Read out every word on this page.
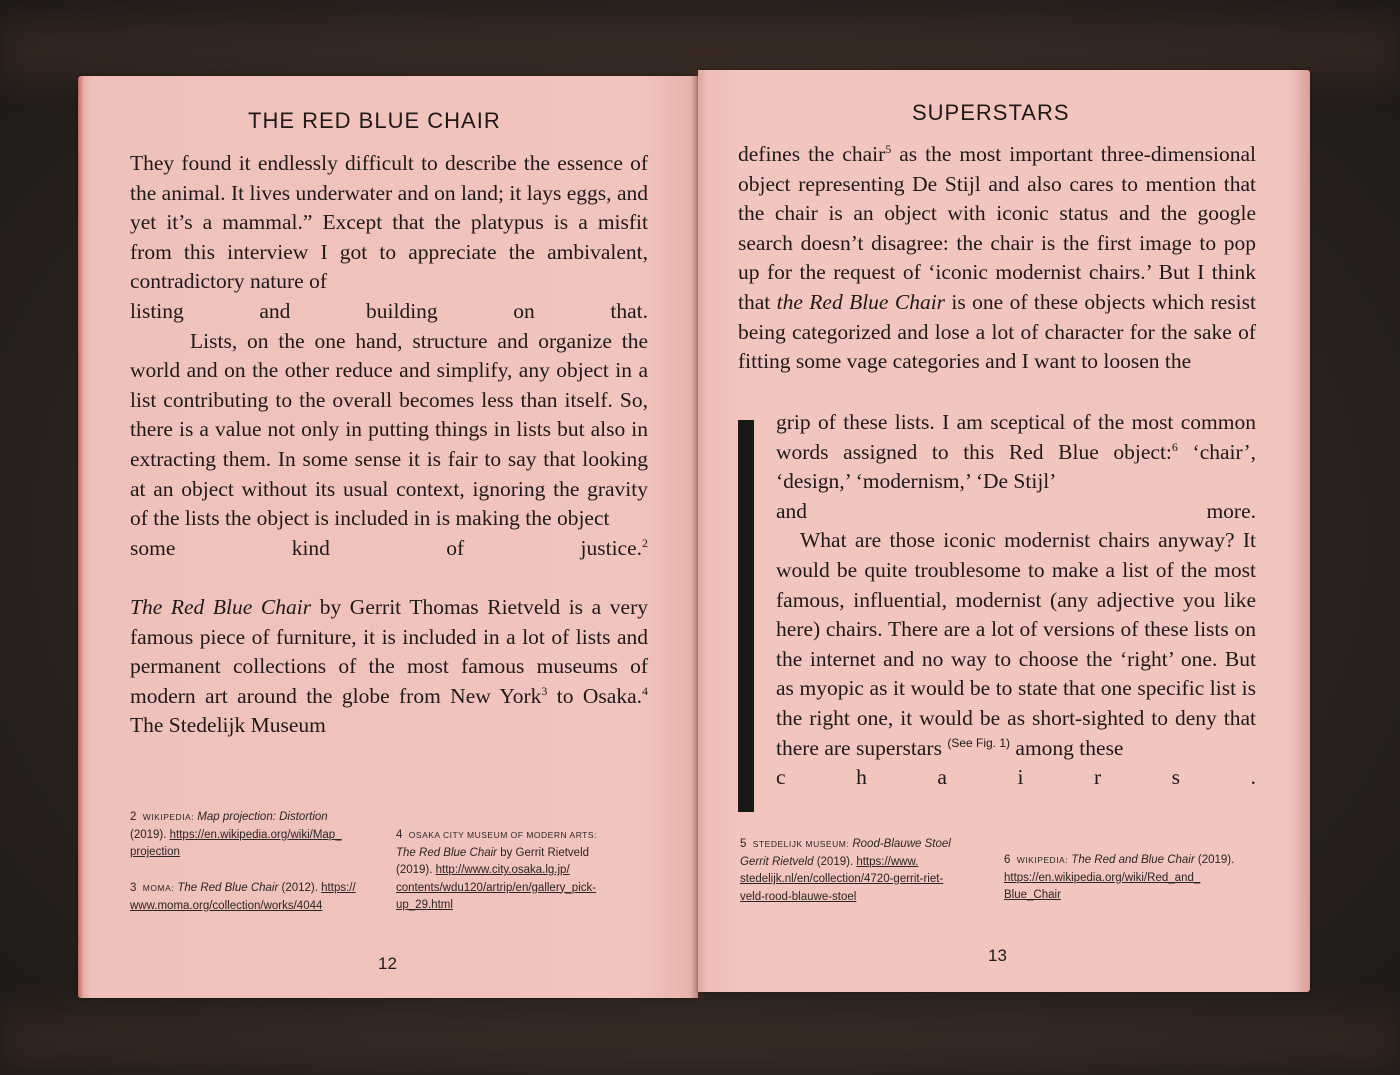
THE RED BLUE CHAIR

They found it endlessly difficult to describe the essence of the animal. It lives underwater and on land; it lays eggs, and yet it’s a mammal.” Except that the platypus is a misfit from this interview I got to appreciate the ambivalent, contradictory nature of

listing and building on that.

Lists, on the one hand, structure and organize the world and on the other reduce and simplify, any object in a list contributing to the overall becomes less than itself. So, there is a value not only in putting things in lists but also in extracting them. In some sense it is fair to say that looking at an object without its usual context, ignoring the gravity of the lists the object is included in is making the object

some kind of justice.$^2$

The Red Blue Chair by Gerrit Thomas Rietveld is a very famous piece of furniture, it is included in a lot of lists and permanent collections of the most famous museums of modern art around the globe from New York$^3$ to Osaka.$^4$ The Stedelijk Museum

2 WIKIPEDIA: Map projection: Distortion
(2019). https://en.wikipedia.org/wiki/Map_
projection
3 MOMA: The Red Blue Chair (2012). https://
www.moma.org/collection/works/4044
4 OSAKA CITY MUSEUM OF MODERN ARTS:
The Red Blue Chair by Gerrit Rietveld
(2019). http://www.city.osaka.lg.jp/
contents/wdu120/artrip/en/gallery_pick-
up_29.html
12
SUPERSTARS

defines the chair$^5$ as the most important three-dimensional object representing De Stijl and also cares to mention that the chair is an object with iconic status and the google search doesn’t disagree: the chair is the first image to pop up for the request of ‘iconic modernist chairs.’ But I think that the Red Blue Chair is one of these objects which resist being categorized and lose a lot of character for the sake of fitting some vage categories and I want to loosen the

grip of these lists. I am sceptical of the most common words assigned to this Red Blue object:$^6$ ‘chair’, ‘design,’ ‘modernism,’ ‘De Stijl’

and more.

What are those iconic modernist chairs anyway? It would be quite troublesome to make a list of the most famous, influential, modernist (any adjective you like here) chairs. There are a lot of versions of these lists on the internet and no way to choose the ‘right’ one. But as myopic as it would be to state that one specific list is the right one, it would be as short-sighted to deny that there are superstars $^{(See Fig. 1)}$ among these

c	h	a	i	r	s	.
5 STEDELIJK MUSEUM: Rood-Blauwe Stoel
Gerrit Rietveld (2019). https://www.
stedelijk.nl/en/collection/4720-gerrit-riet-
veld-rood-blauwe-stoel
6 WIKIPEDIA: The Red and Blue Chair (2019).
https://en.wikipedia.org/wiki/Red_and_
Blue_Chair
13
